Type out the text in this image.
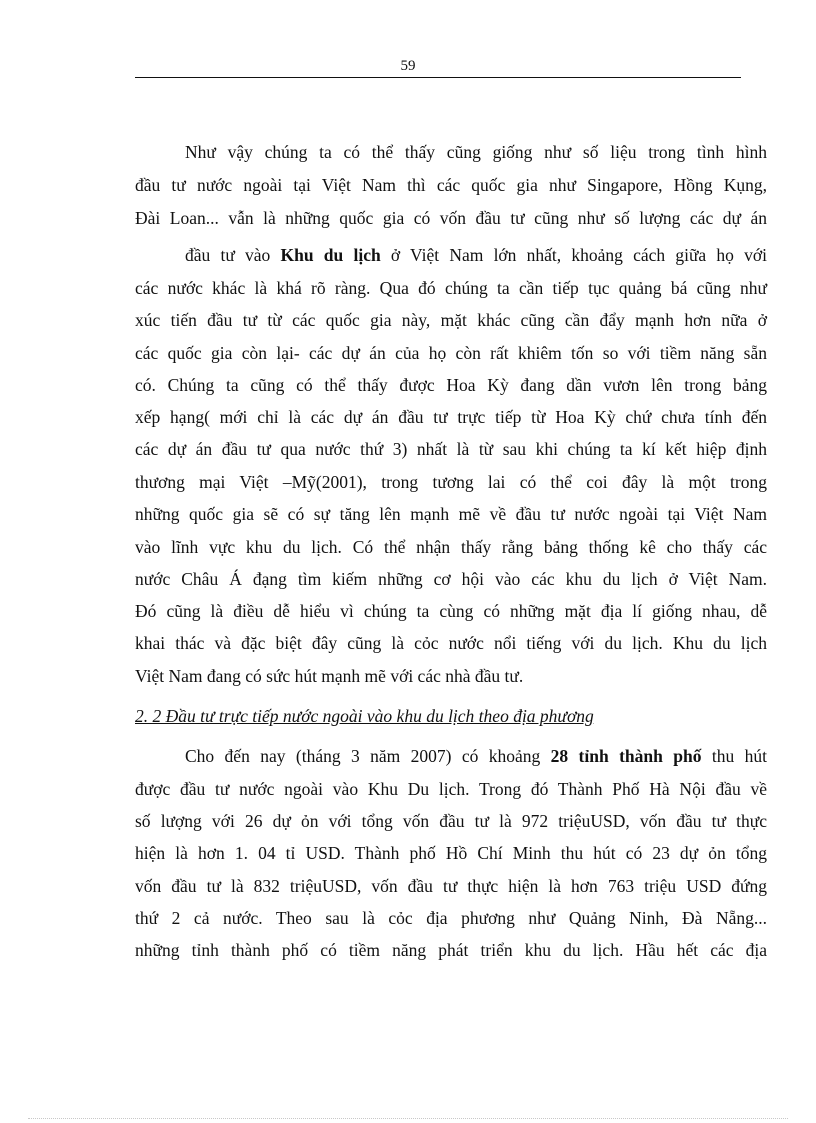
59
Như vậy chúng ta có thể thấy cũng giống như số liệu trong tình hình
đầu tư nước ngoài tại Việt Nam thì các quốc gia như Singapore, Hồng Kụng,
Đài Loan... vẫn là những quốc gia có vốn đầu tư cũng như số lượng các dự án
đầu tư vào Khu du lịch ở Việt Nam lớn nhất, khoảng cách giữa họ với
các nước khác là khá rõ ràng. Qua đó chúng ta cần tiếp tục quảng bá cũng như
xúc tiến đầu tư từ các quốc gia này, mặt khác cũng cần đẩy mạnh hơn nữa ở
các quốc gia còn lại- các dự án của họ còn rất khiêm tốn so với tiềm năng sẵn
có. Chúng ta cũng có thể thấy được Hoa Kỳ đang dần vươn lên trong bảng
xếp hạng( mới chỉ là các dự án đầu tư trực tiếp từ Hoa Kỳ chứ chưa tính đến
các dự án đầu tư qua nước thứ 3) nhất là từ sau khi chúng ta kí kết hiệp định
thương mại Việt –Mỹ(2001), trong tương lai có thể coi đây là một trong
những quốc gia sẽ có sự tăng lên mạnh mẽ về đầu tư nước ngoài tại Việt Nam
vào lĩnh vực khu du lịch. Có thể nhận thấy rằng bảng thống kê cho thấy các
nước Châu Á đạng tìm kiếm những cơ hội vào các khu du lịch ở Việt Nam.
Đó cũng là điều dễ hiểu vì chúng ta cùng có những mặt địa lí giống nhau, dễ
khai thác và đặc biệt đây cũng là cỏc nước nổi tiếng với du lịch. Khu du lịch
Việt Nam đang có sức hút mạnh mẽ với các nhà đầu tư.
2. 2 Đầu tư trực tiếp nước ngoài vào khu du lịch theo địa phương
Cho đến nay (tháng 3 năm 2007) có khoảng 28 tỉnh thành phố thu hút
được đầu tư nước ngoài vào Khu Du lịch. Trong đó Thành Phố Hà Nội đầu về
số lượng với 26 dự ỏn với tổng vốn đầu tư là 972 triệuUSD, vốn đầu tư thực
hiện là hơn 1. 04 tỉ USD. Thành phố Hồ Chí Minh thu hút có 23 dự ỏn tổng
vốn đầu tư là 832 triệuUSD, vốn đầu tư thực hiện là hơn 763 triệu USD đứng
thứ 2 cả nước. Theo sau là cỏc địa phương như Quảng Ninh, Đà Nẵng...
những tỉnh thành phố có tiềm năng phát triển khu du lịch. Hầu hết các địa
